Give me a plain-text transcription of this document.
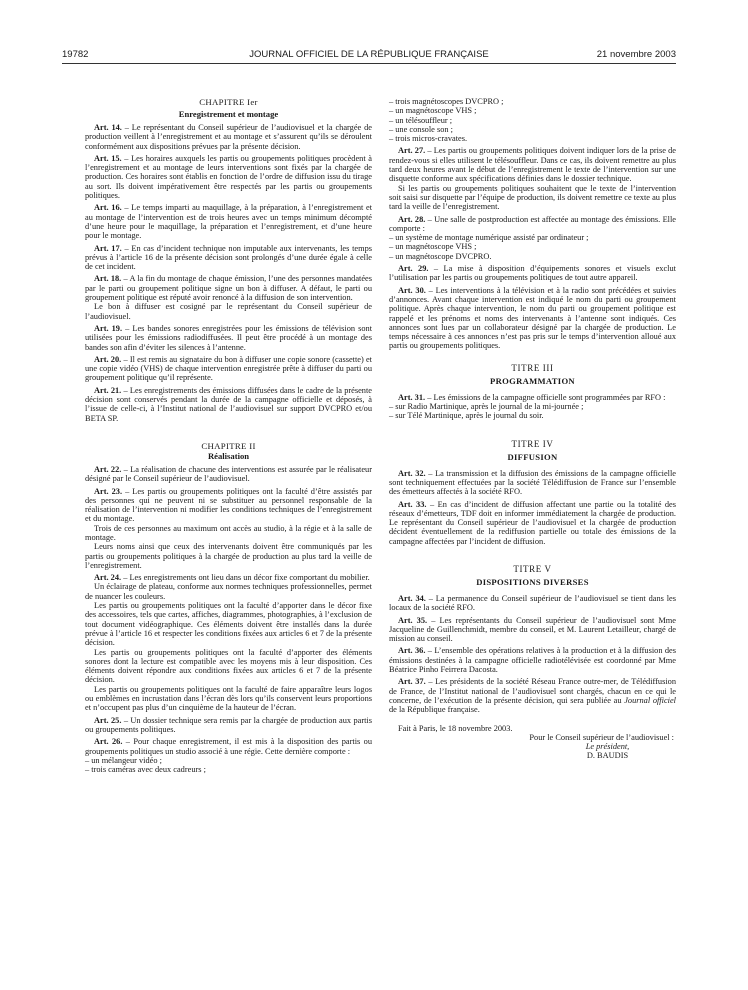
19782	JOURNAL OFFICIEL DE LA RÉPUBLIQUE FRANÇAISE	21 novembre 2003

CHAPITRE Ier

Enregistrement et montage

Art. 14. – Le représentant du Conseil supérieur de l’audiovisuel et la chargée de production veillent à l’enregistrement et au montage et s’assurent qu’ils se déroulent conformément aux dispositions prévues par la présente décision.

Art. 15. – Les horaires auxquels les partis ou groupements politiques procèdent à l’enregistrement et au montage de leurs interventions sont fixés par la chargée de production. Ces horaires sont établis en fonction de l’ordre de diffusion issu du tirage au sort. Ils doivent impérativement être respectés par les partis ou groupements politiques.

Art. 16. – Le temps imparti au maquillage, à la préparation, à l’enregistrement et au montage de l’intervention est de trois heures avec un temps minimum décompté d’une heure pour le maquillage, la préparation et l’enregistrement, et d’une heure pour le montage.

Art. 17. – En cas d’incident technique non imputable aux intervenants, les temps prévus à l’article 16 de la présente décision sont prolongés d’une durée égale à celle de cet incident.

Art. 18. – A la fin du montage de chaque émission, l’une des personnes mandatées par le parti ou groupement politique signe un bon à diffuser. A défaut, le parti ou groupement politique est réputé avoir renoncé à la diffusion de son intervention.

Le bon à diffuser est cosigné par le représentant du Conseil supérieur de l’audiovisuel.

Art. 19. – Les bandes sonores enregistrées pour les émissions de télévision sont utilisées pour les émissions radiodiffusées. Il peut être procédé à un montage des bandes son afin d’éviter les silences à l’antenne.

Art. 20. – Il est remis au signataire du bon à diffuser une copie sonore (cassette) et une copie vidéo (VHS) de chaque intervention enregistrée prête à diffuser du parti ou groupement politique qu’il représente.

Art. 21. – Les enregistrements des émissions diffusées dans le cadre de la présente décision sont conservés pendant la durée de la campagne officielle et déposés, à l’issue de celle-ci, à l’Institut national de l’audiovisuel sur support DVCPRO et/ou BETA SP.

CHAPITRE II

Réalisation

Art. 22. – La réalisation de chacune des interventions est assurée par le réalisateur désigné par le Conseil supérieur de l’audiovisuel.

Art. 23. – Les partis ou groupements politiques ont la faculté d’être assistés par des personnes qui ne peuvent ni se substituer au personnel responsable de la réalisation de l’intervention ni modifier les conditions techniques de l’enregistrement et du montage.

Trois de ces personnes au maximum ont accès au studio, à la régie et à la salle de montage.

Leurs noms ainsi que ceux des intervenants doivent être communiqués par les partis ou groupements politiques à la chargée de production au plus tard la veille de l’enregistrement.

Art. 24. – Les enregistrements ont lieu dans un décor fixe comportant du mobilier.

Un éclairage de plateau, conforme aux normes techniques professionnelles, permet de nuancer les couleurs.

Les partis ou groupements politiques ont la faculté d’apporter dans le décor fixe des accessoires, tels que cartes, affiches, diagrammes, photographies, à l’exclusion de tout document vidéographique. Ces éléments doivent être installés dans la durée prévue à l’article 16 et respecter les conditions fixées aux articles 6 et 7 de la présente décision.

Les partis ou groupements politiques ont la faculté d’apporter des éléments sonores dont la lecture est compatible avec les moyens mis à leur disposition. Ces éléments doivent répondre aux conditions fixées aux articles 6 et 7 de la présente décision.

Les partis ou groupements politiques ont la faculté de faire apparaître leurs logos ou emblèmes en incrustation dans l’écran dès lors qu’ils conservent leurs proportions et n’occupent pas plus d’un cinquième de la hauteur de l’écran.

Art. 25. – Un dossier technique sera remis par la chargée de production aux partis ou groupements politiques.

Art. 26. – Pour chaque enregistrement, il est mis à la disposition des partis ou groupements politiques un studio associé à une régie. Cette dernière comporte :

– un mélangeur vidéo ;

– trois caméras avec deux cadreurs ;

– trois magnétoscopes DVCPRO ;

– un magnétoscope VHS ;

– un télésouffleur ;

– une console son ;

– trois micros-cravates.

Art. 27. – Les partis ou groupements politiques doivent indiquer lors de la prise de rendez-vous si elles utilisent le télésouffleur. Dans ce cas, ils doivent remettre au plus tard deux heures avant le début de l’enregistrement le texte de l’intervention sur une disquette conforme aux spécifications définies dans le dossier technique.

Si les partis ou groupements politiques souhaitent que le texte de l’intervention soit saisi sur disquette par l’équipe de production, ils doivent remettre ce texte au plus tard la veille de l’enregistrement.

Art. 28. – Une salle de postproduction est affectée au montage des émissions. Elle comporte :

– un système de montage numérique assisté par ordinateur ;

– un magnétoscope VHS ;

– un magnétoscope DVCPRO.

Art. 29. – La mise à disposition d’équipements sonores et visuels exclut l’utilisation par les partis ou groupements politiques de tout autre appareil.

Art. 30. – Les interventions à la télévision et à la radio sont précédées et suivies d’annonces. Avant chaque intervention est indiqué le nom du parti ou groupement politique. Après chaque intervention, le nom du parti ou groupement politique est rappelé et les prénoms et noms des intervenants à l’antenne sont indiqués. Ces annonces sont lues par un collaborateur désigné par la chargée de production. Le temps nécessaire à ces annonces n’est pas pris sur le temps d’intervention alloué aux partis ou groupements politiques.

TITRE III

PROGRAMMATION

Art. 31. – Les émissions de la campagne officielle sont programmées par RFO :

– sur Radio Martinique, après le journal de la mi-journée ;

– sur Télé Martinique, après le journal du soir.

TITRE IV

DIFFUSION

Art. 32. – La transmission et la diffusion des émissions de la campagne officielle sont techniquement effectuées par la société Télédiffusion de France sur l’ensemble des émetteurs affectés à la société RFO.

Art. 33. – En cas d’incident de diffusion affectant une partie ou la totalité des réseaux d’émetteurs, TDF doit en informer immédiatement la chargée de production. Le représentant du Conseil supérieur de l’audiovisuel et la chargée de production décident éventuellement de la rediffusion partielle ou totale des émissions de la campagne affectées par l’incident de diffusion.

TITRE V

DISPOSITIONS DIVERSES

Art. 34. – La permanence du Conseil supérieur de l’audiovisuel se tient dans les locaux de la société RFO.

Art. 35. – Les représentants du Conseil supérieur de l’audiovisuel sont Mme Jacqueline de Guillenchmidt, membre du conseil, et M. Laurent Letailleur, chargé de mission au conseil.

Art. 36. – L’ensemble des opérations relatives à la production et à la diffusion des émissions destinées à la campagne officielle radiotélévisée est coordonné par Mme Béatrice Pinho Feirrera Dacosta.

Art. 37. – Les présidents de la société Réseau France outre-mer, de Télédiffusion de France, de l’Institut national de l’audiovisuel sont chargés, chacun en ce qui le concerne, de l’exécution de la présente décision, qui sera publiée au Journal officiel de la République française.

Fait à Paris, le 18 novembre 2003.

Pour le Conseil supérieur de l’audiovisuel :

Le président,

D. BAUDIS
